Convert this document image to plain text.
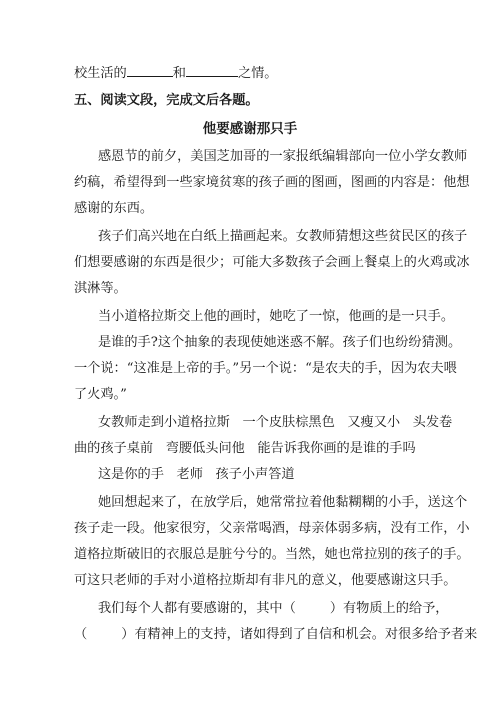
校生活的	和	之情。
五、阅读文段，完成文后各题。
他要感谢那只手
感恩节的前夕，美国芝加哥的一家报纸编辑部向一位小学女教师
约稿，希望得到一些家境贫寒的孩子画的图画，图画的内容是：他想
感谢的东西。
孩子们高兴地在白纸上描画起来。女教师猜想这些贫民区的孩子
们想要感谢的东西是很少；可能大多数孩子会画上餐桌上的火鸡或冰
淇淋等。
当小道格拉斯交上他的画时，她吃了一惊，他画的是一只手。
是谁的手?这个抽象的表现使她迷惑不解。孩子们也纷纷猜测。
一个说：“这准是上帝的手。”另一个说：“是农夫的手，因为农夫喂
了火鸡。”
女教师走到小道格拉斯   一个皮肤棕黑色   又瘦又小   头发卷
曲的孩子桌前   弯腰低头问他   能告诉我你画的是谁的手吗
这是你的手   老师   孩子小声答道
她回想起来了，在放学后，她常常拉着他黏糊糊的小手，送这个
孩子走一段。他家很穷，父亲常喝酒，母亲体弱多病，没有工作，小
道格拉斯破旧的衣服总是脏兮兮的。当然，她也常拉别的孩子的手。
可这只老师的手对小道格拉斯却有非凡的意义，他要感谢这只手。
我们每个人都有要感谢的，其中（	）有物质上的给予，
（	）有精神上的支持，诸如得到了自信和机会。对很多给予者来
